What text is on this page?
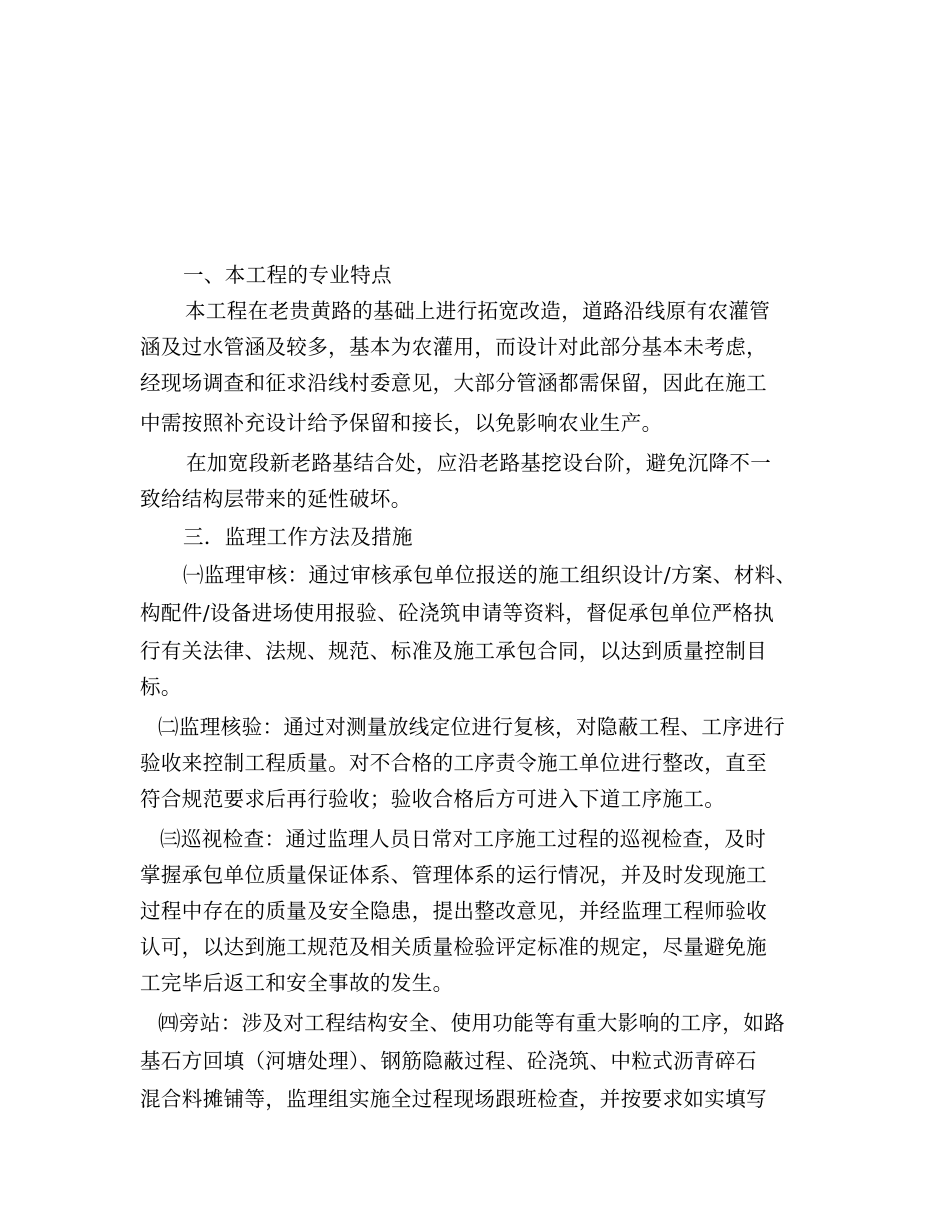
一、本工程的专业特点
本工程在老贵黄路的基础上进行拓宽改造，道路沿线原有农灌管
涵及过水管涵及较多，基本为农灌用，而设计对此部分基本未考虑，
经现场调查和征求沿线村委意见，大部分管涵都需保留，因此在施工
中需按照补充设计给予保留和接长，以免影响农业生产。
在加宽段新老路基结合处，应沿老路基挖设台阶，避免沉降不一
致给结构层带来的延性破坏。
三．监理工作方法及措施
㈠监理审核：通过审核承包单位报送的施工组织设计/方案、材料、
构配件/设备进场使用报验、砼浇筑申请等资料，督促承包单位严格执
行有关法律、法规、规范、标准及施工承包合同，以达到质量控制目
标。
㈡监理核验：通过对测量放线定位进行复核，对隐蔽工程、工序进行
验收来控制工程质量。对不合格的工序责令施工单位进行整改，直至
符合规范要求后再行验收；验收合格后方可进入下道工序施工。
㈢巡视检查：通过监理人员日常对工序施工过程的巡视检查，及时
掌握承包单位质量保证体系、管理体系的运行情况，并及时发现施工
过程中存在的质量及安全隐患，提出整改意见，并经监理工程师验收
认可，以达到施工规范及相关质量检验评定标准的规定，尽量避免施
工完毕后返工和安全事故的发生。
㈣旁站：涉及对工程结构安全、使用功能等有重大影响的工序，如路
基石方回填（河塘处理）、钢筋隐蔽过程、砼浇筑、中粒式沥青碎石
混合料摊铺等，监理组实施全过程现场跟班检查，并按要求如实填写
